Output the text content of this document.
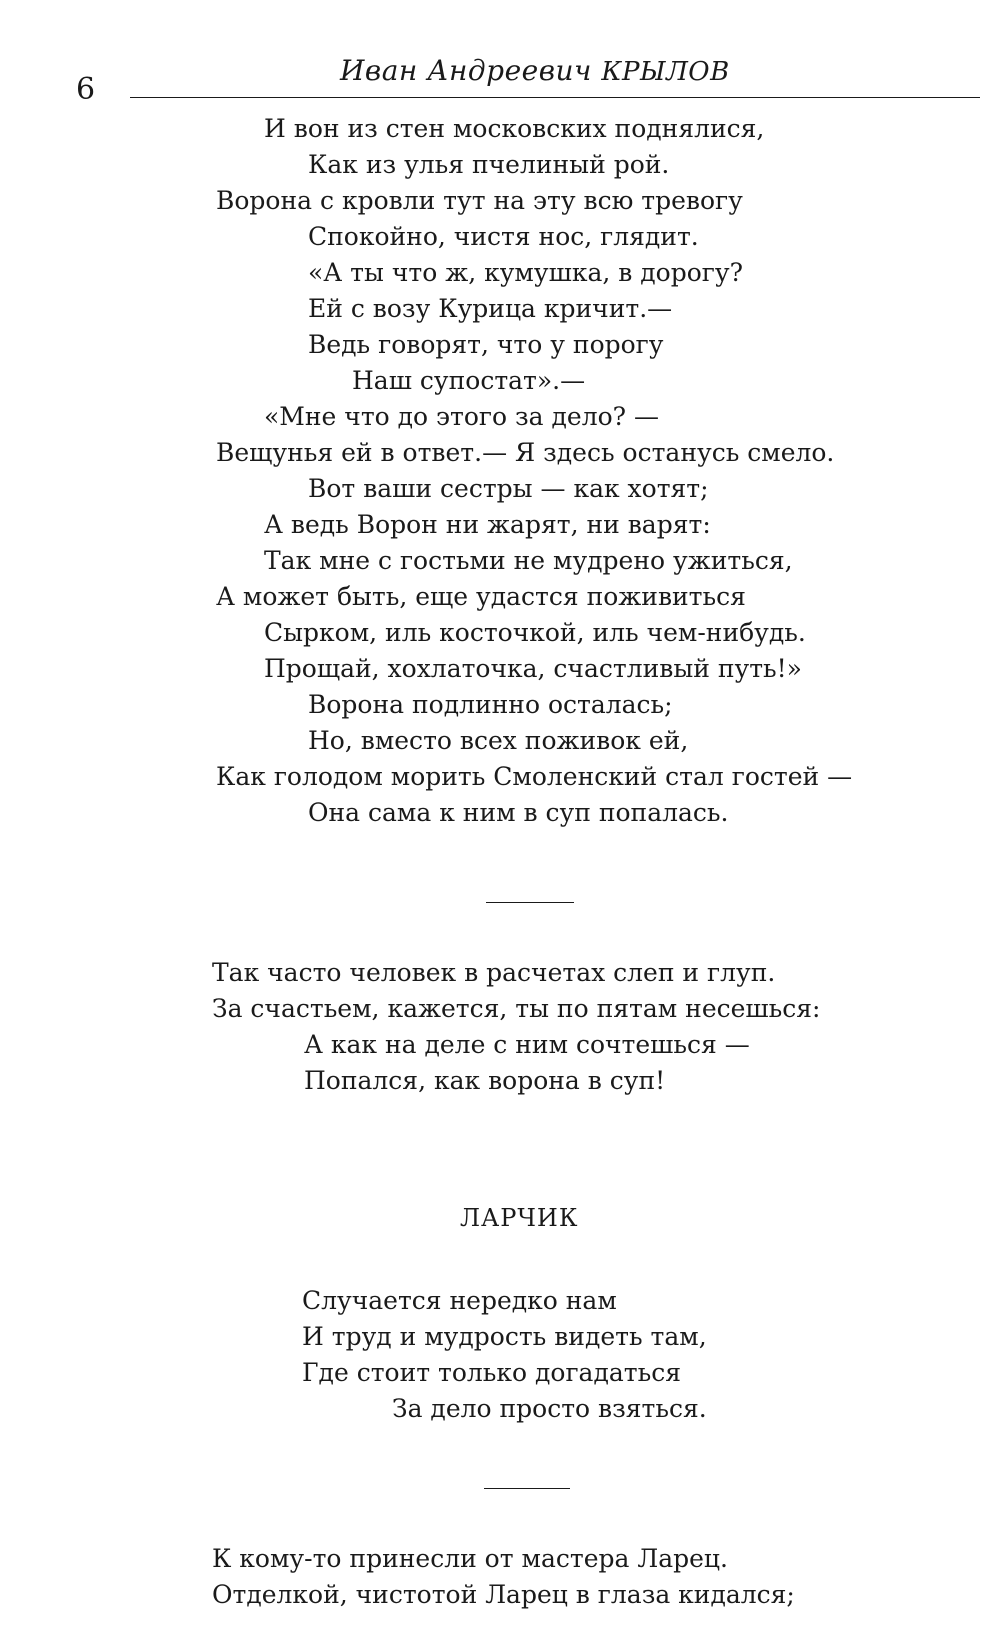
6
Иван Андреевич КРЫЛОВ
И вон из стен московских поднялися,
Как из улья пчелиный рой.
Ворона с кровли тут на эту всю тревогу
Спокойно, чистя нос, глядит.
«А ты что ж, кумушка, в дорогу?
Ей с возу Курица кричит.—
Ведь говорят, что у порогу
Наш супостат».—
«Мне что до этого за дело? —
Вещунья ей в ответ.— Я здесь останусь смело.
Вот ваши сестры — как хотят;
А ведь Ворон ни жарят, ни варят:
Так мне с гостьми не мудрено ужиться,
А может быть, еще удастся поживиться
Сырком, иль косточкой, иль чем-нибудь.
Прощай, хохлаточка, счастливый путь!»
Ворона подлинно осталась;
Но, вместо всех поживок ей,
Как голодом морить Смоленский стал гостей —
Она сама к ним в суп попалась.
Так часто человек в расчетах слеп и глуп.
За счастьем, кажется, ты по пятам несешься:
А как на деле с ним сочтешься —
Попался, как ворона в суп!
ЛАРЧИК
Случается нередко нам
И труд и мудрость видеть там,
Где стоит только догадаться
За дело просто взяться.
К кому-то принесли от мастера Ларец.
Отделкой, чистотой Ларец в глаза кидался;
